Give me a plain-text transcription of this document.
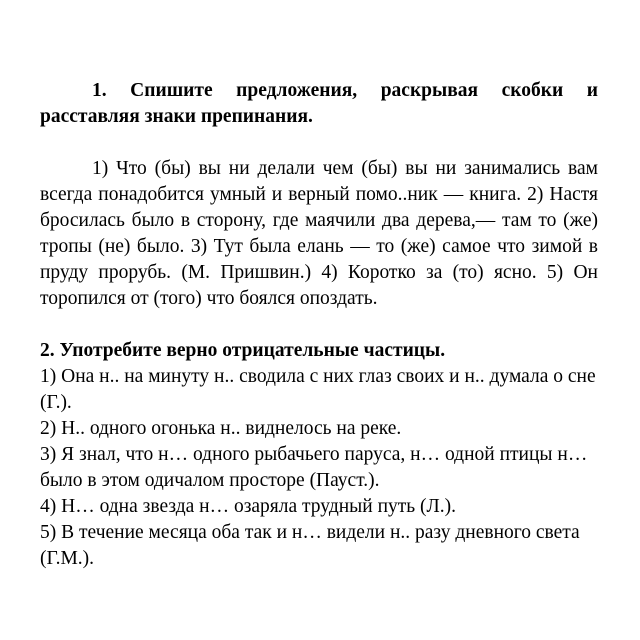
1. Спишите предложения, раскрывая скобки и расставляя знаки препинания.

1) Что (бы) вы ни делали чем (бы) вы ни занимались вам всегда понадобится умный и верный помо..ник — книга. 2) Настя бросилась было в сторону, где маячили два дерева,— там то (же) тропы (не) было. 3) Тут была елань — то (же) самое что зимой в пруду прорубь. (М. Пришвин.) 4) Коротко за (то) ясно. 5) Он торопился от (того) что боялся опоздать.

2. Употребите верно отрицательные частицы.

1) Она н.. на минуту н.. сводила с них глаз своих и н.. думала о сне (Г.).

2) Н.. одного огонька н.. виднелось на реке.

3) Я знал, что н… одного рыбачьего паруса, н… одной птицы н… было в этом одичалом просторе (Пауст.).

4) Н… одна звезда н… озаряла трудный путь (Л.).

5) В течение месяца оба так и н… видели н.. разу дневного света (Г.М.).
